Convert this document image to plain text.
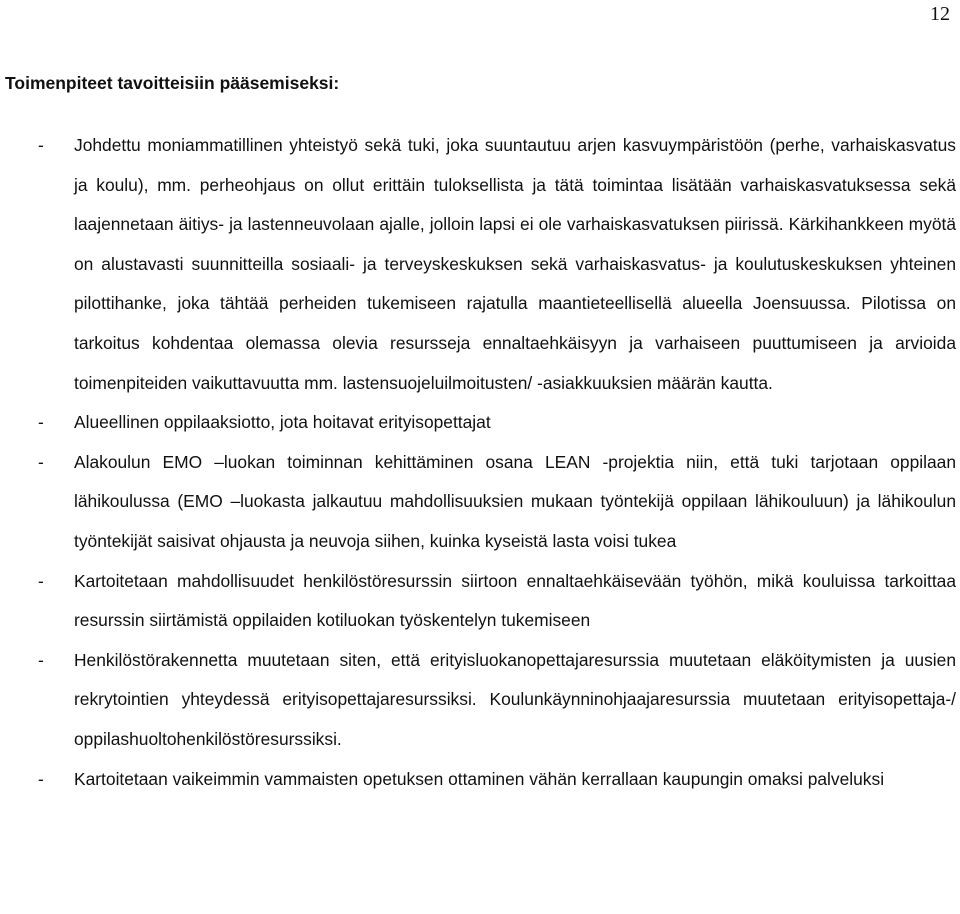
12
Toimenpiteet tavoitteisiin pääsemiseksi:
- Johdettu moniammatillinen yhteistyö sekä tuki, joka suuntautuu arjen kasvuympäristöön (perhe, varhaiskasvatus ja koulu), mm. perheohjaus on ollut erittäin tuloksellista ja tätä toimintaa lisätään varhaiskasvatuksessa sekä laajennetaan äitiys- ja lastenneuvolaan ajalle, jolloin lapsi ei ole varhaiskasvatuksen piirissä. Kärkihankkeen myötä on alustavasti suunnitteilla sosiaali- ja terveyskeskuksen sekä varhaiskasvatus- ja koulutuskeskuksen yhteinen pilottihanke, joka tähtää perheiden tukemiseen rajatulla maantieteellisellä alueella Joensuussa. Pilotissa on tarkoitus kohdentaa olemassa olevia resursseja ennaltaehkäisyyn ja varhaiseen puuttumiseen ja arvioida toimenpiteiden vaikuttavuutta mm. lastensuojeluilmoitusten/ -asiakkuuksien määrän kautta.
- Alueellinen oppilaaksiotto, jota hoitavat erityisopettajat
- Alakoulun EMO –luokan toiminnan kehittäminen osana LEAN -projektia niin, että tuki tarjotaan oppilaan lähikoulussa (EMO –luokasta jalkautuu mahdollisuuksien mukaan työntekijä oppilaan lähikouluun) ja lähikoulun työntekijät saisivat ohjausta ja neuvoja siihen, kuinka kyseistä lasta voisi tukea
- Kartoitetaan mahdollisuudet henkilöstöresurssin siirtoon ennaltaehkäisevään työhön, mikä kouluissa tarkoittaa resurssin siirtämistä oppilaiden kotiluokan työskentelyn tukemiseen
- Henkilöstörakennetta muutetaan siten, että erityisluokanopettajaresurssia muutetaan eläköitymisten ja uusien rekrytointien yhteydessä erityisopettajaresurssiksi. Koulunkäynninohjaajaresurssia muutetaan erityisopettaja-/ oppilashuoltohenkilöstöresurssiksi.
- Kartoitetaan vaikeimmin vammaisten opetuksen ottaminen vähän kerrallaan kaupungin omaksi palveluksi
